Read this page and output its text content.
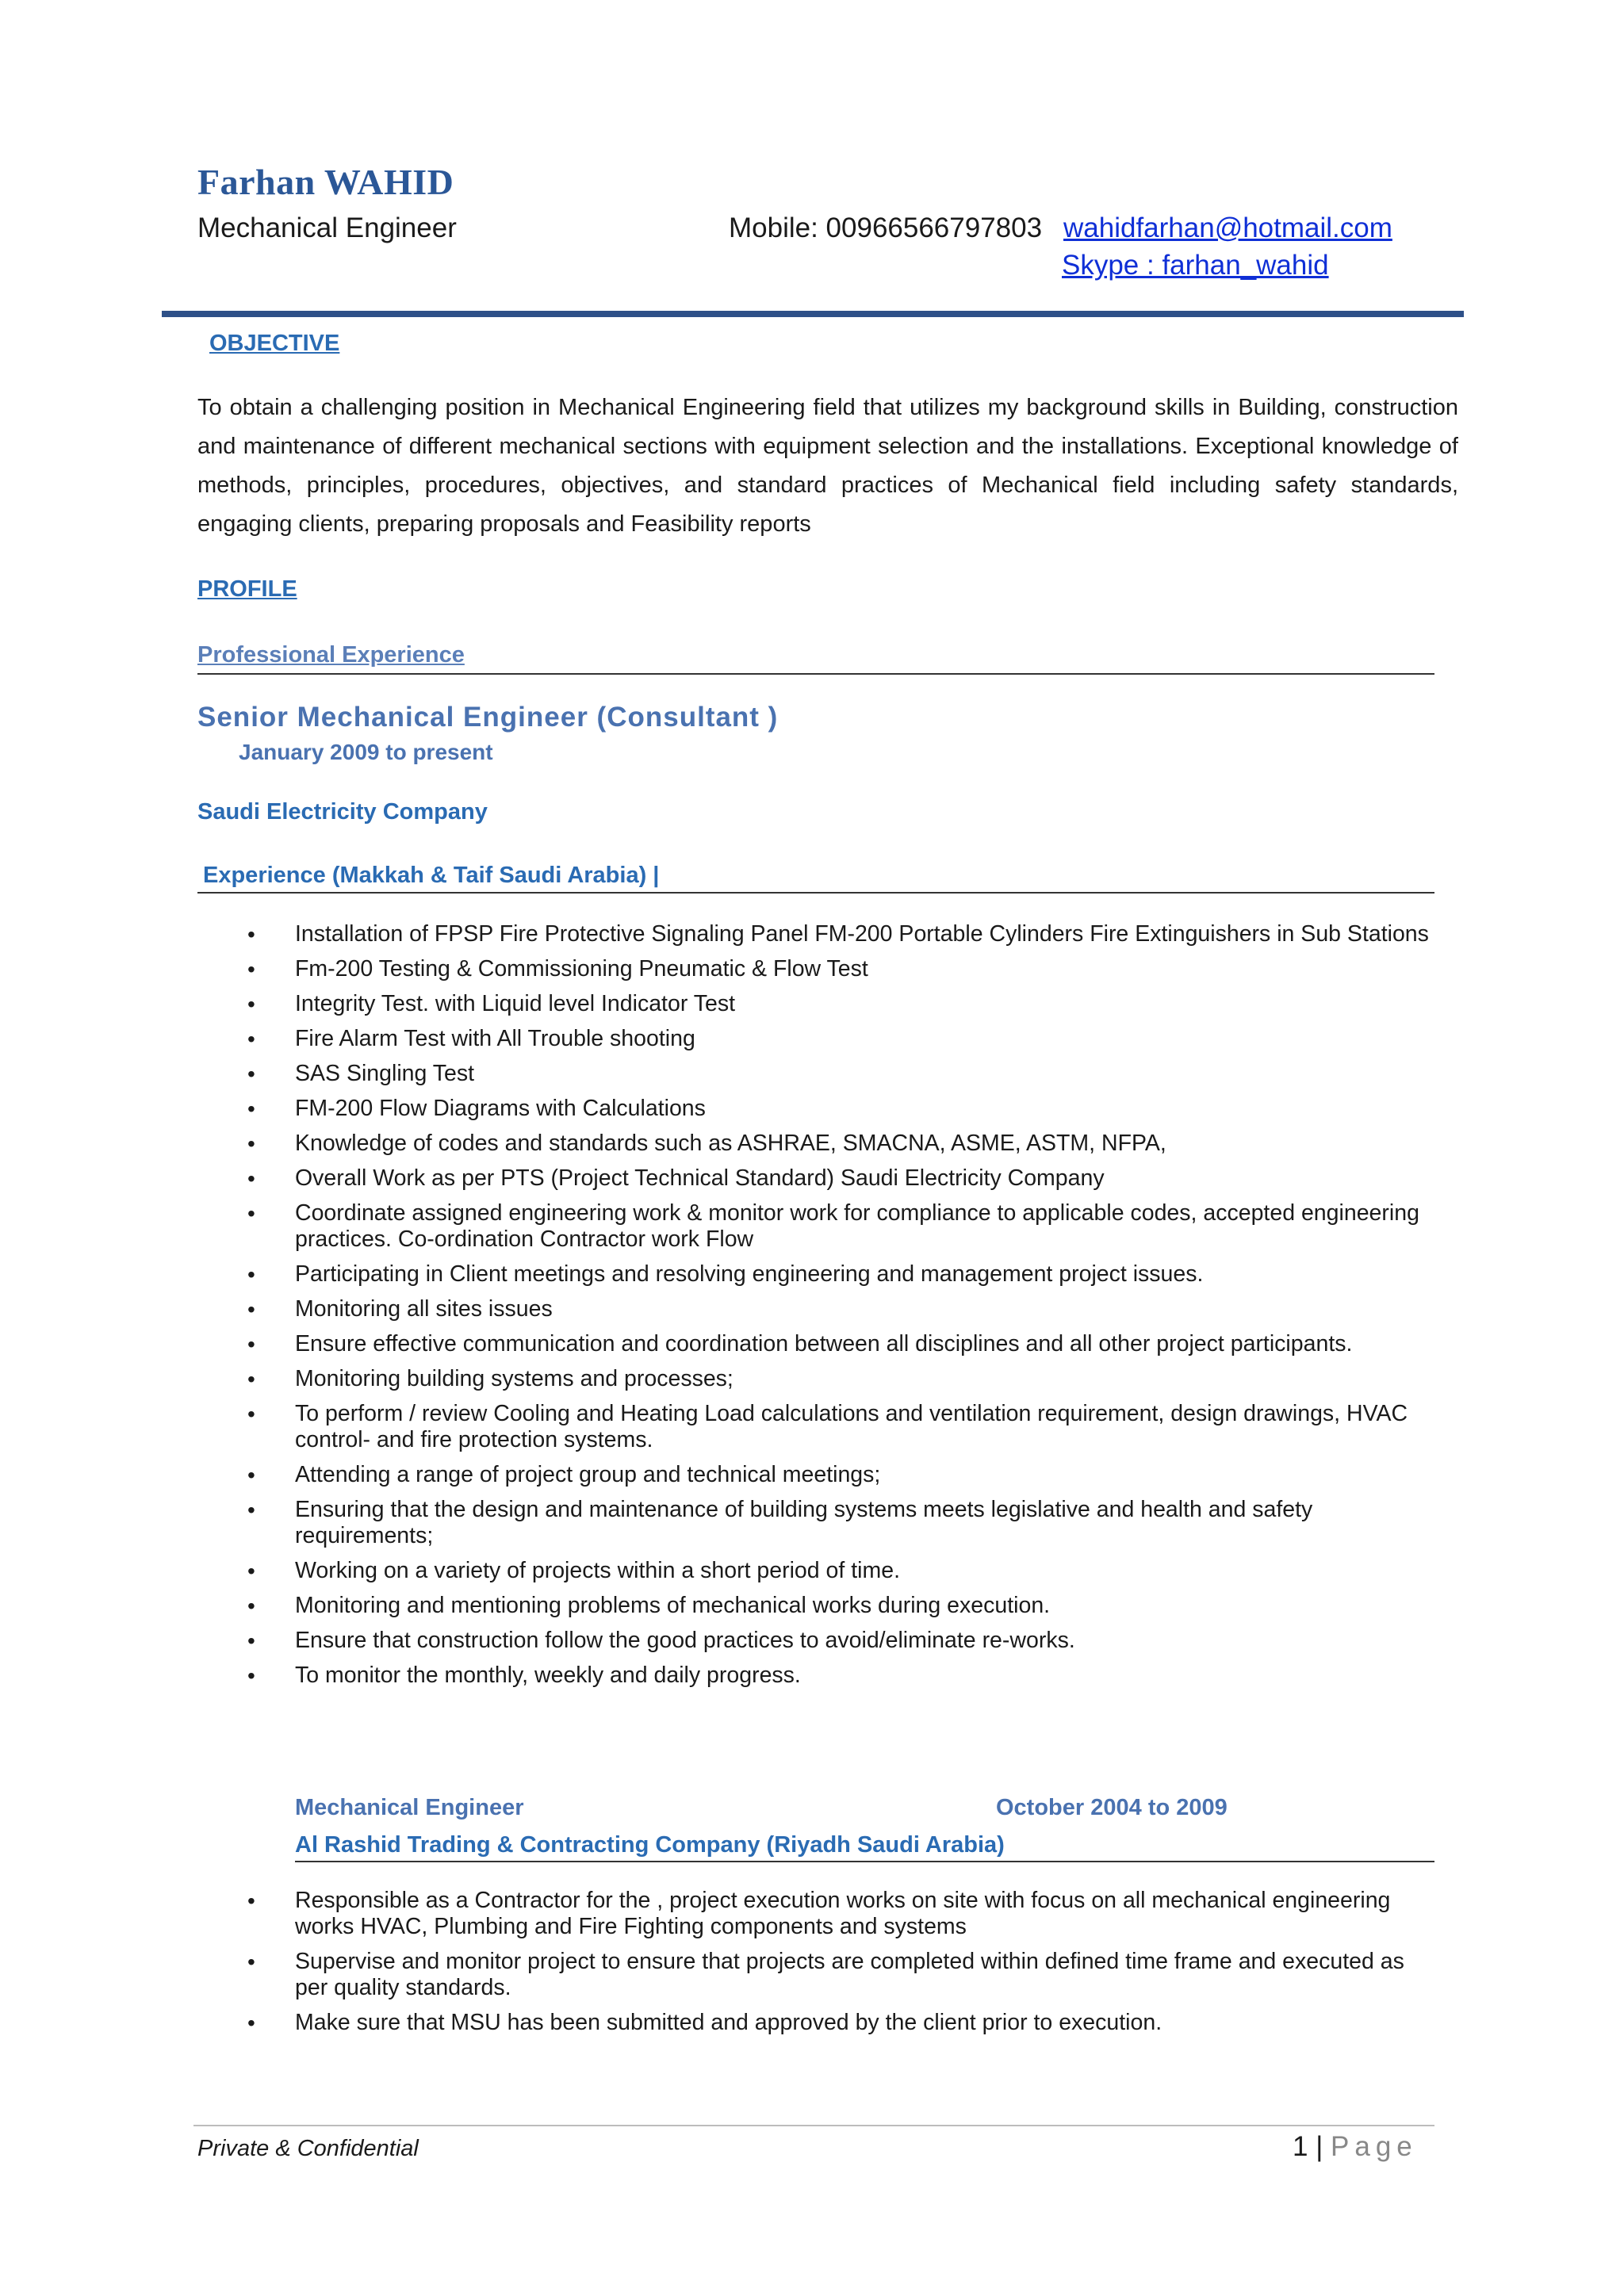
Farhan WAHID
Mechanical Engineer	Mobile: 00966566797803 wahidfarhan@hotmail.com
Skype : farhan_wahid
OBJECTIVE
To obtain a challenging position in Mechanical Engineering field that utilizes my background skills in Building, construction and maintenance of different mechanical sections with equipment selection and the installations. Exceptional knowledge of methods, principles, procedures, objectives, and standard practices of Mechanical field including safety standards, engaging clients, preparing proposals and Feasibility reports
PROFILE
Professional Experience
Senior Mechanical Engineer (Consultant )
January 2009 to present
Saudi Electricity Company
Experience (Makkah & Taif Saudi Arabia) |
• Installation of FPSP Fire Protective Signaling Panel FM-200 Portable Cylinders Fire Extinguishers in Sub Stations
• Fm-200 Testing & Commissioning Pneumatic & Flow Test
• Integrity Test. with Liquid level Indicator Test
• Fire Alarm Test with All Trouble shooting
• SAS Singling Test
• FM-200 Flow Diagrams with Calculations
• Knowledge of codes and standards such as ASHRAE, SMACNA, ASME, ASTM, NFPA,
• Overall Work as per PTS (Project Technical Standard) Saudi Electricity Company
• Coordinate assigned engineering work & monitor work for compliance to applicable codes, accepted engineering practices. Co-ordination Contractor work Flow
• Participating in Client meetings and resolving engineering and management project issues.
• Monitoring all sites issues
• Ensure effective communication and coordination between all disciplines and all other project participants.
• Monitoring building systems and processes;
• To perform / review Cooling and Heating Load calculations and ventilation requirement, design drawings, HVAC control- and fire protection systems.
• Attending a range of project group and technical meetings;
• Ensuring that the design and maintenance of building systems meets legislative and health and safety requirements;
• Working on a variety of projects within a short period of time.
• Monitoring and mentioning problems of mechanical works during execution.
• Ensure that construction follow the good practices to avoid/eliminate re-works.
• To monitor the monthly, weekly and daily progress.
Mechanical Engineer	October 2004 to 2009
Al Rashid Trading & Contracting Company (Riyadh Saudi Arabia)
• Responsible as a Contractor for the , project execution works on site with focus on all mechanical engineering works HVAC, Plumbing and Fire Fighting components and systems
• Supervise and monitor project to ensure that projects are completed within defined time frame and executed as per quality standards.
• Make sure that MSU has been submitted and approved by the client prior to execution.
Private & Confidential	1 | Page
